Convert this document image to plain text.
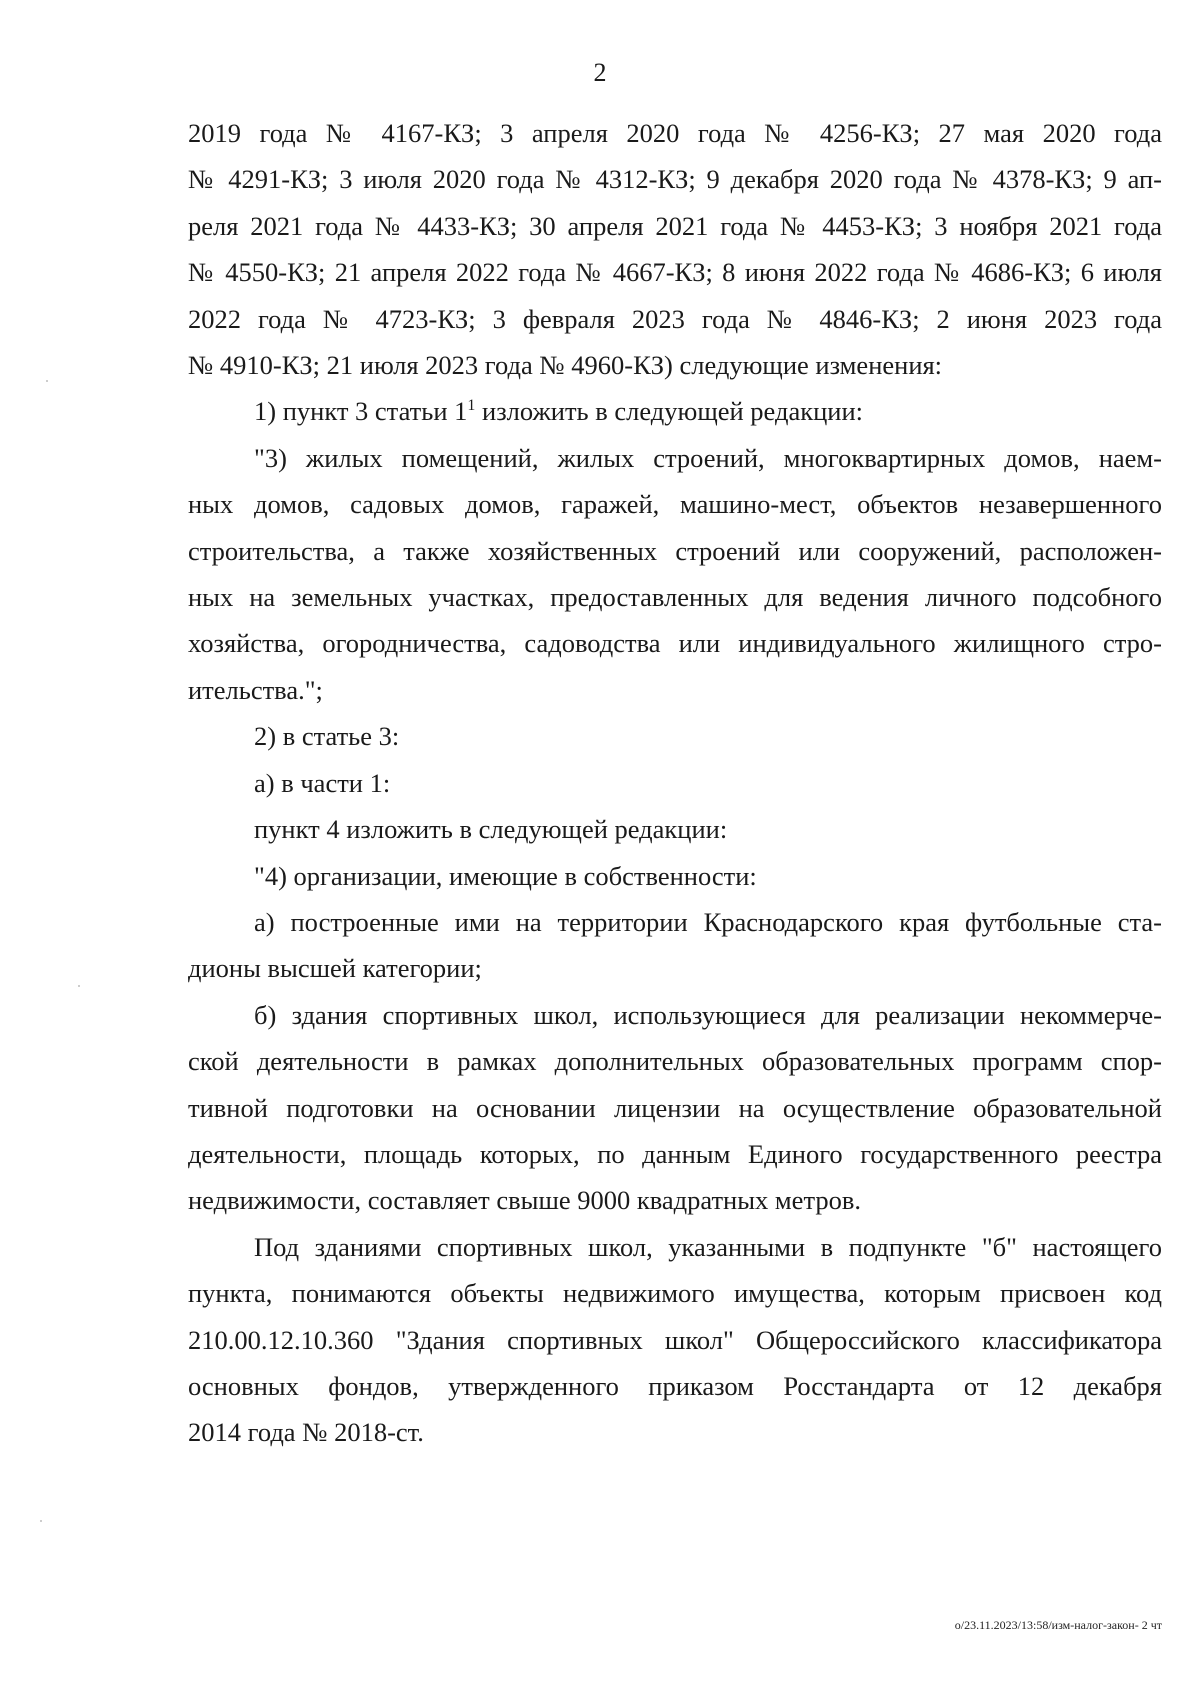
2
2019 года № 4167-КЗ; 3 апреля 2020 года № 4256-КЗ; 27 мая 2020 года
№ 4291-КЗ; 3 июля 2020 года № 4312-КЗ; 9 декабря 2020 года № 4378-КЗ; 9 ап-
реля 2021 года № 4433-КЗ; 30 апреля 2021 года № 4453-КЗ; 3 ноября 2021 года
№ 4550-КЗ; 21 апреля 2022 года № 4667-КЗ; 8 июня 2022 года № 4686-КЗ; 6 июля
2022 года № 4723-КЗ; 3 февраля 2023 года № 4846-КЗ; 2 июня 2023 года
№ 4910-КЗ; 21 июля 2023 года № 4960-КЗ) следующие изменения:
1) пункт 3 статьи $1^1$ изложить в следующей редакции:
"3) жилых помещений, жилых строений, многоквартирных домов, наем-
ных домов, садовых домов, гаражей, машино-мест, объектов незавершенного
строительства, а также хозяйственных строений или сооружений, расположен-
ных на земельных участках, предоставленных для ведения личного подсобного
хозяйства, огородничества, садоводства или индивидуального жилищного стро-
ительства.";
2) в статье 3:
а) в части 1:
пункт 4 изложить в следующей редакции:
"4) организации, имеющие в собственности:
а) построенные ими на территории Краснодарского края футбольные ста-
дионы высшей категории;
б) здания спортивных школ, использующиеся для реализации некоммерче-
ской деятельности в рамках дополнительных образовательных программ спор-
тивной подготовки на основании лицензии на осуществление образовательной
деятельности, площадь которых, по данным Единого государственного реестра
недвижимости, составляет свыше 9000 квадратных метров.
Под зданиями спортивных школ, указанными в подпункте "б" настоящего
пункта, понимаются объекты недвижимого имущества, которым присвоен код
210.00.12.10.360 "Здания спортивных школ" Общероссийского классификатора
основных фондов, утвержденного приказом Росстандарта от 12 декабря
2014 года № 2018-ст.
о/23.11.2023/13:58/изм-налог-закон- 2 чт
